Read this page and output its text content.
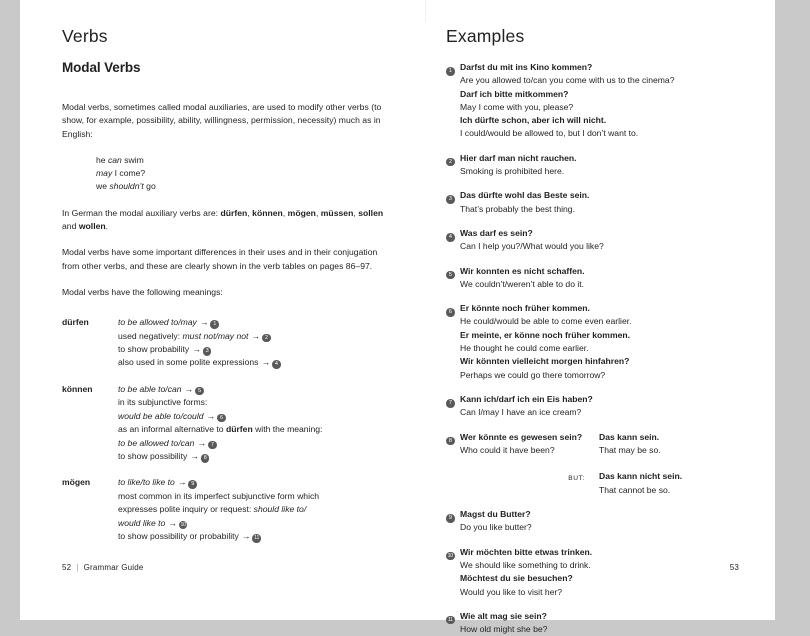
Verbs
Modal Verbs

Modal verbs, sometimes called modal auxiliaries, are used to modify other verbs (to show, for example, possibility, ability, willingness, permission, necessity) much as in English:

he can swim
may I come?
we shouldn’t go

In German the modal auxiliary verbs are: dürfen, können, mögen, müssen, sollen and wollen.

Modal verbs have some important differences in their uses and in their conjugation from other verbs, and these are clearly shown in the verb tables on pages 86–97.

Modal verbs have the following meanings:

dürfen	to be allowed to/may → 1
used negatively: must not/may not → 2
to show probability → 3
also used in some polite expressions → 4
können	to be able to/can → 5
in its subjunctive forms:
would be able to/could → 6
as an informal alternative to dürfen with the meaning:
to be allowed to/can → 7
to show possibility → 8
mögen	to like/to like to → 9
most common in its imperfect subjunctive form which
expresses polite inquiry or request: should like to/
would like to → 10
to show possibility or probability → 11
52 | Grammar Guide
Examples
1 Darfst du mit ins Kino kommen?
Are you allowed to/can you come with us to the cinema?
Darf ich bitte mitkommen?
May I come with you, please?
Ich dürfte schon, aber ich will nicht.
I could/would be allowed to, but I don’t want to.
2 Hier darf man nicht rauchen.
Smoking is prohibited here.
3 Das dürfte wohl das Beste sein.
That’s probably the best thing.
4 Was darf es sein?
Can I help you?/What would you like?
5 Wir konnten es nicht schaffen.
We couldn’t/weren’t able to do it.
6 Er könnte noch früher kommen.
He could/would be able to come even earlier.
Er meinte, er könne noch früher kommen.
He thought he could come earlier.
Wir könnten vielleicht morgen hinfahren?
Perhaps we could go there tomorrow?
7 Kann ich/darf ich ein Eis haben?
Can I/may I have an ice cream?
8 Wer könnte es gewesen sein?
Who could it have been?
Das kann sein.
That may be so.
BUT:	Das kann nicht sein.
That cannot be so.
9 Magst du Butter?
Do you like butter?
10 Wir möchten bitte etwas trinken.
We should like something to drink.
Möchtest du sie besuchen?
Would you like to visit her?
11 Wie alt mag sie sein?
How old might she be?
53
